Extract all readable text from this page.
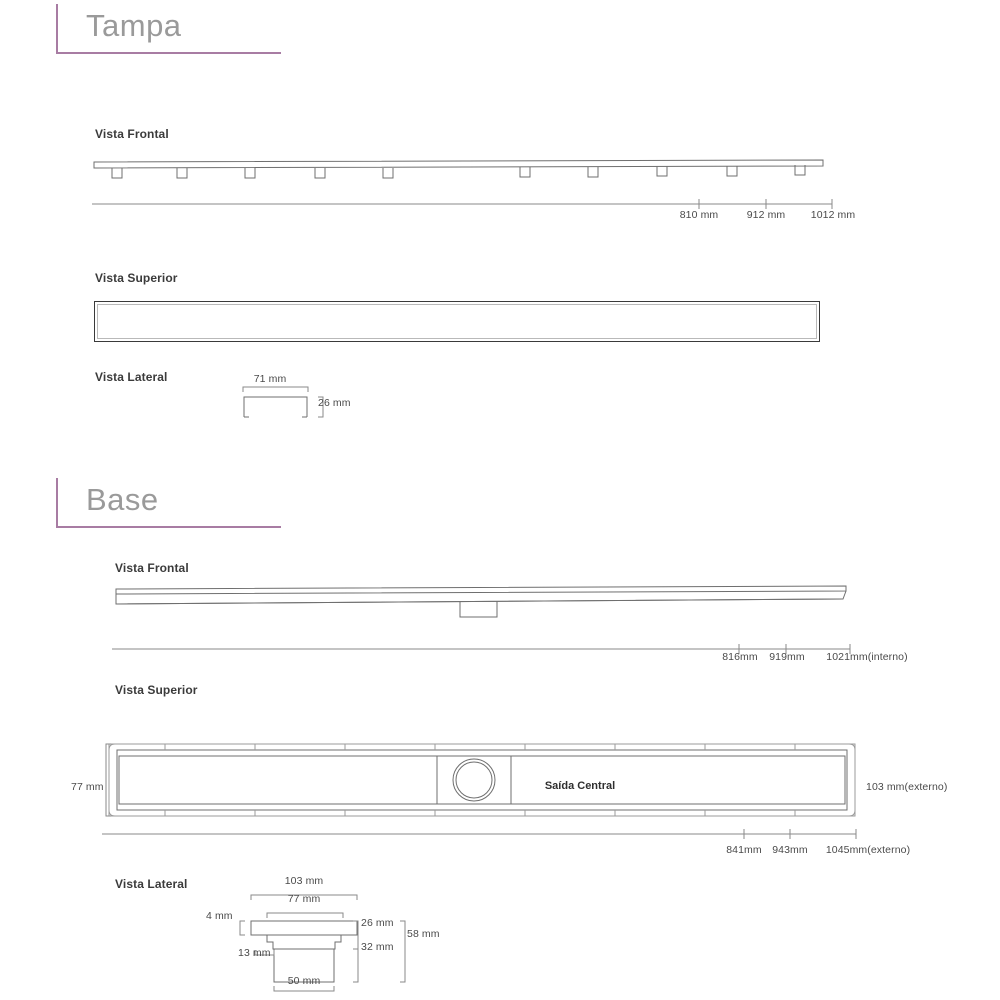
Tampa
Vista Frontal
810 mm	912 mm 1012 mm
Vista Superior
Vista Lateral	71 mm
26 mm
Base
Vista Frontal
816mm 919mm 1021mm(interno)
Vista Superior
Saída Central
77 mm	103 mm(externo)
841mm 943mm 1045mm(externo)
Vista Lateral	103 mm
77 mm
4 mm
26 mm
32 mm
58 mm
13 mm
50 mm
